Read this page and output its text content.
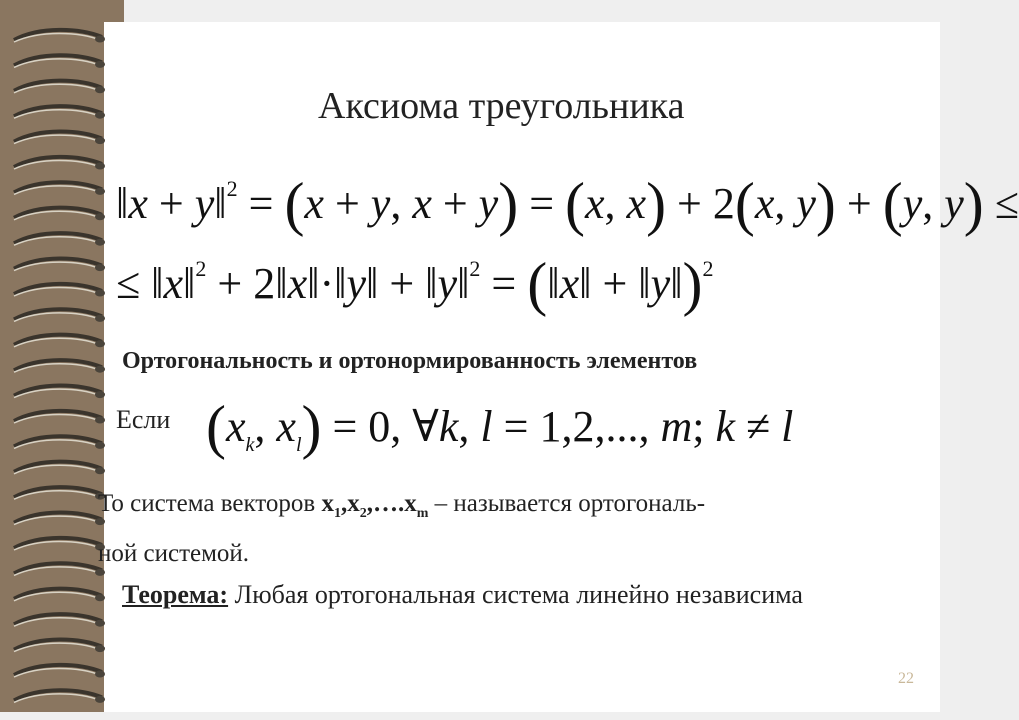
Аксиома треугольника
‖x + y‖$^2$ = (x + y, x + y) = (x, x) + 2(x, y) + (y, y) ≤
≤ ‖x‖$^2$ + 2‖x‖·‖y‖ + ‖y‖$^2$ = (‖x‖ + ‖y‖)$^2$
Ортогональность и ортонормированность элементов
Если ($x_k$, $x_l) = 0$, ∀k, l = 1,2,..., m; k ≠ l
То система векторов $x_1,x_2,\dots.x_m$ – называется ортогональ-
ной системой.
Теорема: Любая ортогональная система линейно независима
22
